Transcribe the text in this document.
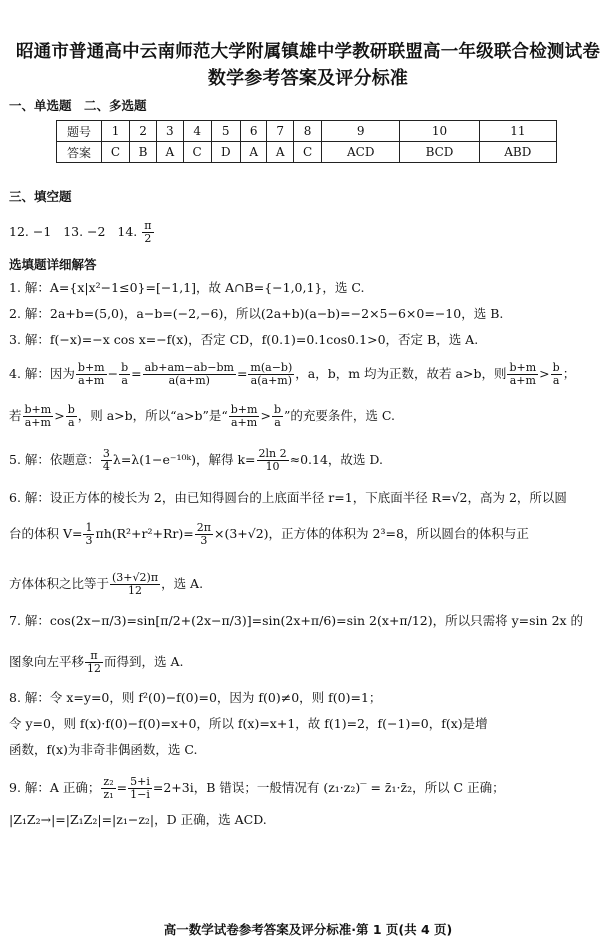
昭通市普通高中云南师范大学附属镇雄中学教研联盟高一年级联合检测试卷
数学参考答案及评分标准
一、单选题　二、多选题
题号	1	2	3	4	5	6	7	8	9	10	11
答案	C	B	A	C	D	A	A	C	ACD	BCD	ABD
三、填空题
12. −1 13. −2 14. $\frac{\pi}{2}$
选填题详细解答
1. 解：A={x|x²−1≤0}=[−1,1]，故 A∩B={−1,0,1}，选 C.
2. 解：2a+b=(5,0)，a−b=(−2,−6)，所以(2a+b)(a−b)=−2×5−6×0=−10，选 B.
3. 解：f(−x)=−x cos x=−f(x)，否定 CD，f(0.1)=0.1cos0.1>0，否定 B，选 A.
4. 解：因为 $\frac{b+m}{a+m} - \frac{b}{a} = \frac{ab+am-ab-bm}{a(a+m)} = \frac{m(a-b)}{a(a+m)}$ ，a，b，m 均为正数，故若 a>b，则 $\frac{b+m}{a+m} > \frac{b}{a}$ ；
若 $\frac{b+m}{a+m} > \frac{b}{a}$ ，则 a>b，所以“a>b”是“ $\frac{b+m}{a+m} > \frac{b}{a}$ ”的充要条件，选 C.
5. 解：依题意： $\frac{3}{4}$ λ=λ(1−e⁻¹⁰ᵏ)，解得 $k= \frac{2\ln 2}{10} \approx 0.14$，故选 D.
6. 解：设正方体的棱长为 2，由已知得圆台的上底面半径 r=1，下底面半径 R=√2，高为 2，所以圆
台的体积 $V= \frac{1}{3} \pi h(R^2+r^2+Rr)= \frac{2\pi}{3} \times(3+√2)$，正方体的体积为 2³=8，所以圆台的体积与正
方体体积之比等于 $\frac{(3+√2)\pi}{12}$ ，选 A.
7. 解：cos(2x−π/3)=sin[π/2+(2x−π/3)]=sin(2x+π/6)=sin 2(x+π/12)，所以只需将 y=sin 2x 的
图象向左平移 $\frac{\pi}{12}$ 而得到，选 A.
8. 解：令 x=y=0，则 f²(0)−f(0)=0，因为 f(0)≠0，则 f(0)=1；
令 y=0，则 f(x)·f(0)−f(0)=x+0，所以 f(x)=x+1，故 f(1)=2，f(−1)=0，f(x)是增
函数，f(x)为非奇非偶函数，选 C.
9. 解：A 正确； $\frac{\text{z₂}}{\text{z₁}} = \frac{5+i}{1-i} =2+3i$，B 错误；一般情况有 (z₁·z₂)‾ = z̄₁·z̄₂，所以 C 正确；
|Z₁Z₂→|=|Z₁Z₂|=|z₁−z₂|，D 正确，选 ACD.
高一数学试卷参考答案及评分标准·第 1 页(共 4 页)
